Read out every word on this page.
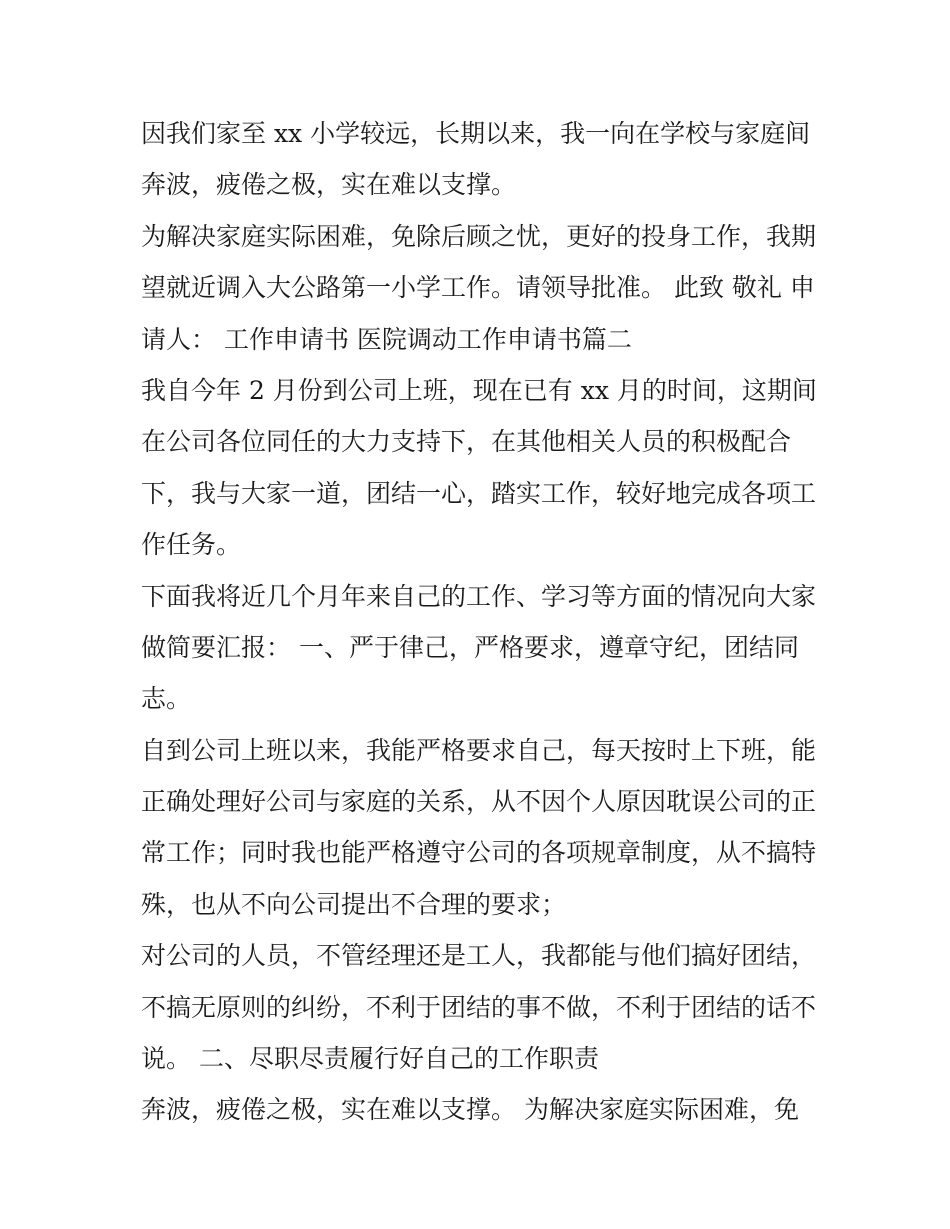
因我们家至 xx 小学较远，长期以来，我一向在学校与家庭间
奔波，疲倦之极，实在难以支撑。
为解决家庭实际困难，免除后顾之忧，更好的投身工作，我期
望就近调入大公路第一小学工作。请领导批准。 此致 敬礼 申
请人： 工作申请书 医院调动工作申请书篇二
我自今年 2 月份到公司上班，现在已有 xx 月的时间，这期间
在公司各位同任的大力支持下，在其他相关人员的积极配合
下，我与大家一道，团结一心，踏实工作，较好地完成各项工
作任务。
下面我将近几个月年来自己的工作、学习等方面的情况向大家
做简要汇报： 一、严于律己，严格要求，遵章守纪，团结同
志。
自到公司上班以来，我能严格要求自己，每天按时上下班，能
正确处理好公司与家庭的关系，从不因个人原因耽误公司的正
常工作；同时我也能严格遵守公司的各项规章制度，从不搞特
殊，也从不向公司提出不合理的要求；
对公司的人员，不管经理还是工人，我都能与他们搞好团结，
不搞无原则的纠纷，不利于团结的事不做，不利于团结的话不
说。 二、尽职尽责履行好自己的工作职责
奔波，疲倦之极，实在难以支撑。 为解决家庭实际困难，免
